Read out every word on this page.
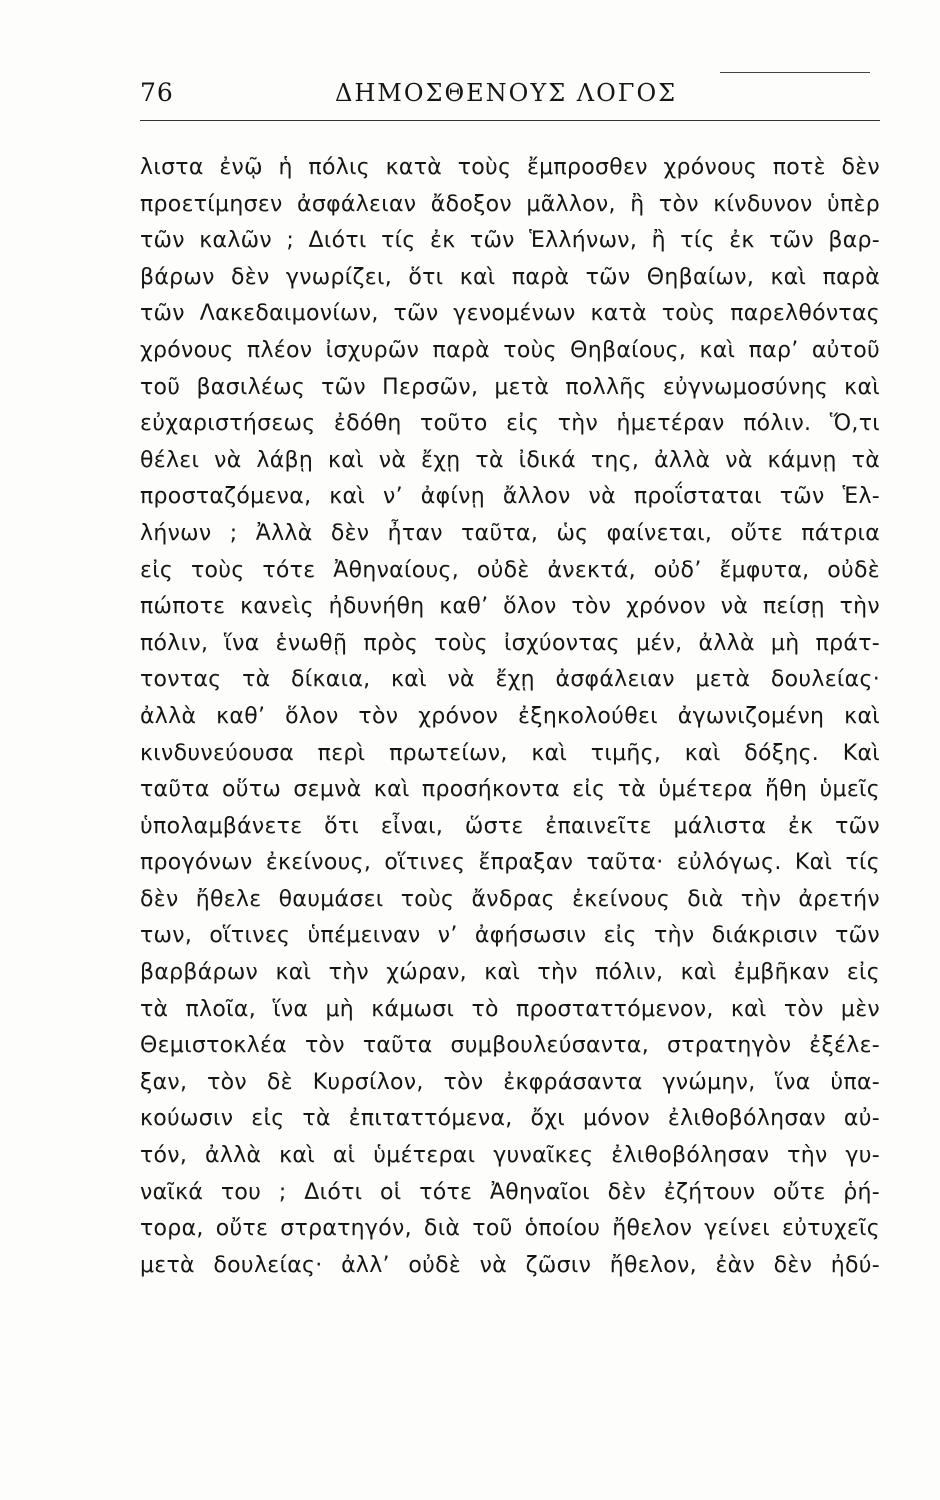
76	ΔΗΜΟΣΘΕΝΟΥΣ ΛΟΓΟΣ
λιστα ἐνῷ ἡ πόλις κατὰ τοὺς ἔμπροσθεν χρόνους ποτὲ δὲν
προετίμησεν ἀσφάλειαν ἄδοξον μᾶλλον, ἢ τὸν κίνδυνον ὑπὲρ
τῶν καλῶν ; Διότι τίς ἐκ τῶν Ἑλλήνων, ἢ τίς ἐκ τῶν βαρ-
βάρων δὲν γνωρίζει, ὅτι καὶ παρὰ τῶν Θηβαίων, καὶ παρὰ
τῶν Λακεδαιμονίων, τῶν γενομένων κατὰ τοὺς παρελθόντας
χρόνους πλέον ἰσχυρῶν παρὰ τοὺς Θηβαίους, καὶ παρ’ αὐτοῦ
τοῦ βασιλέως τῶν Περσῶν, μετὰ πολλῆς εὐγνωμοσύνης καὶ
εὐχαριστήσεως ἐδόθη τοῦτο εἰς τὴν ἡμετέραν πόλιν. Ὅ,τι
θέλει νὰ λάβῃ καὶ νὰ ἔχῃ τὰ ἰδικά της, ἀλλὰ νὰ κάμνῃ τὰ
προσταζόμενα, καὶ ν’ ἀφίνῃ ἄλλον νὰ προΐσταται τῶν Ἑλ-
λήνων ; Ἀλλὰ δὲν ἦταν ταῦτα, ὡς φαίνεται, οὔτε πάτρια
εἰς τοὺς τότε Ἀθηναίους, οὐδὲ ἀνεκτά, οὐδ’ ἔμφυτα, οὐδὲ
πώποτε κανεὶς ἠδυνήθη καθ’ ὅλον τὸν χρόνον νὰ πείσῃ τὴν
πόλιν, ἵνα ἑνωθῇ πρὸς τοὺς ἰσχύοντας μέν, ἀλλὰ μὴ πράτ-
τοντας τὰ δίκαια, καὶ νὰ ἔχῃ ἀσφάλειαν μετὰ δουλείας·
ἀλλὰ καθ’ ὅλον τὸν χρόνον ἐξηκολούθει ἀγωνιζομένη καὶ
κινδυνεύουσα περὶ πρωτείων, καὶ τιμῆς, καὶ δόξης. Καὶ
ταῦτα οὕτω σεμνὰ καὶ προσήκοντα εἰς τὰ ὑμέτερα ἤθη ὑμεῖς
ὑπολαμβάνετε ὅτι εἶναι, ὥστε ἐπαινεῖτε μάλιστα ἐκ τῶν
προγόνων ἐκείνους, οἵτινες ἔπραξαν ταῦτα· εὐλόγως. Καὶ τίς
δὲν ἤθελε θαυμάσει τοὺς ἄνδρας ἐκείνους διὰ τὴν ἀρετήν
των, οἵτινες ὑπέμειναν ν’ ἀφήσωσιν εἰς τὴν διάκρισιν τῶν
βαρβάρων καὶ τὴν χώραν, καὶ τὴν πόλιν, καὶ ἐμβῆκαν εἰς
τὰ πλοῖα, ἵνα μὴ κάμωσι τὸ προσταττόμενον, καὶ τὸν μὲν
Θεμιστοκλέα τὸν ταῦτα συμβουλεύσαντα, στρατηγὸν ἐξέλε-
ξαν, τὸν δὲ Κυρσίλον, τὸν ἐκφράσαντα γνώμην, ἵνα ὑπα-
κούωσιν εἰς τὰ ἐπιταττόμενα, ὄχι μόνον ἐλιθοβόλησαν αὐ-
τόν, ἀλλὰ καὶ αἱ ὑμέτεραι γυναῖκες ἐλιθοβόλησαν τὴν γυ-
ναῖκά του ; Διότι οἱ τότε Ἀθηναῖοι δὲν ἐζήτουν οὔτε ῥή-
τορα, οὔτε στρατηγόν, διὰ τοῦ ὁποίου ἤθελον γείνει εὐτυχεῖς
μετὰ δουλείας· ἀλλ’ οὐδὲ νὰ ζῶσιν ἤθελον, ἐὰν δὲν ἠδύ-
